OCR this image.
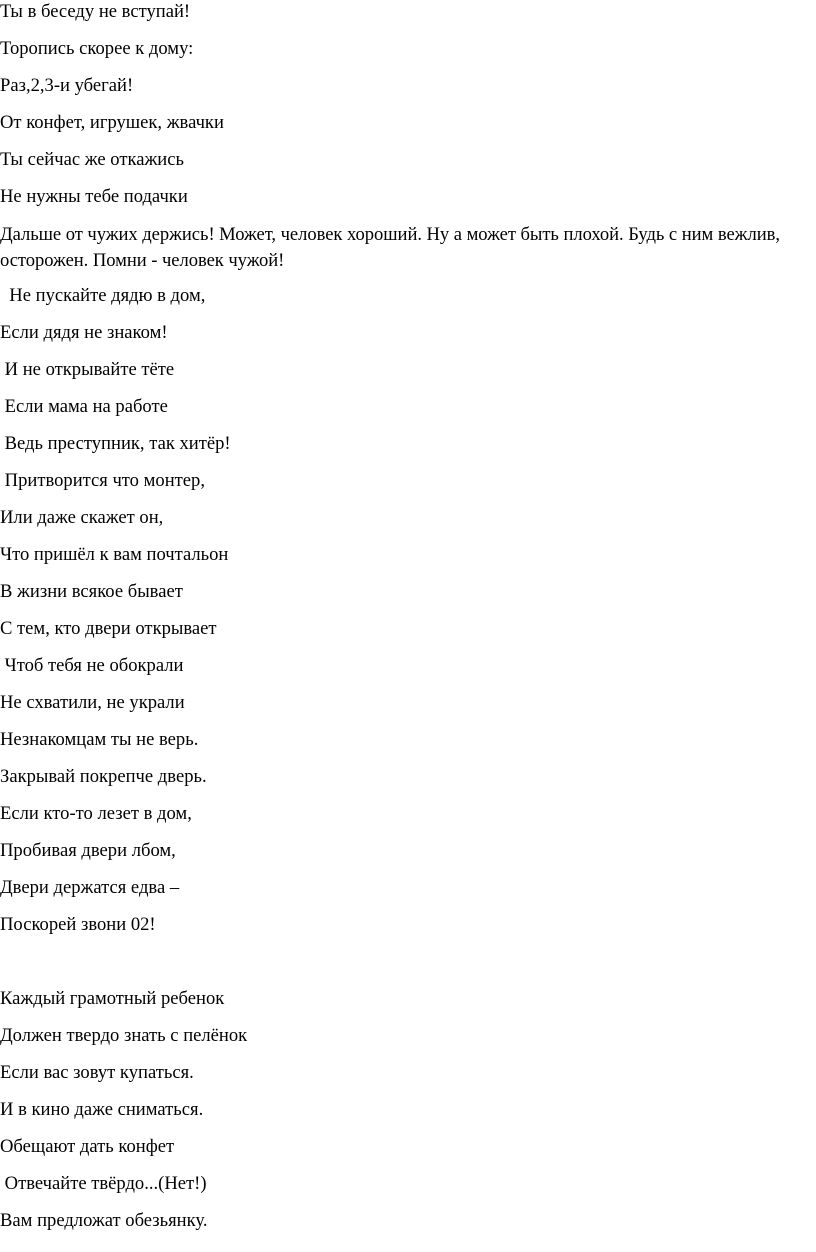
Ты в беседу не вступай!

Торопись скорее к дому:

Раз,2,3-и убегай!

От конфет, игрушек, жвачки

Ты сейчас же откажись

Не нужны тебе подачки

Дальше от чужих держись! Может, человек хороший. Ну а может быть плохой. Будь с ним вежлив, осторожен. Помни - человек чужой!

Не пускайте дядю в дом,

Если дядя не знаком!

И не открывайте тёте

Если мама на работе

Ведь преступник, так хитёр!

Притворится что монтер,

Или даже скажет он,

Что пришёл к вам почтальон

В жизни всякое бывает

С тем, кто двери открывает

Чтоб тебя не обокрали

Не схватили, не украли

Незнакомцам ты не верь.

Закрывай покрепче дверь.

Если кто-то лезет в дом,

Пробивая двери лбом,

Двери держатся едва –

Поскорей звони 02!

Каждый грамотный ребенок

Должен твердо знать с пелёнок

Если вас зовут купаться.

И в кино даже сниматься.

Обещают дать конфет

Отвечайте твёрдо...(Нет!)

Вам предложат обезьянку.
